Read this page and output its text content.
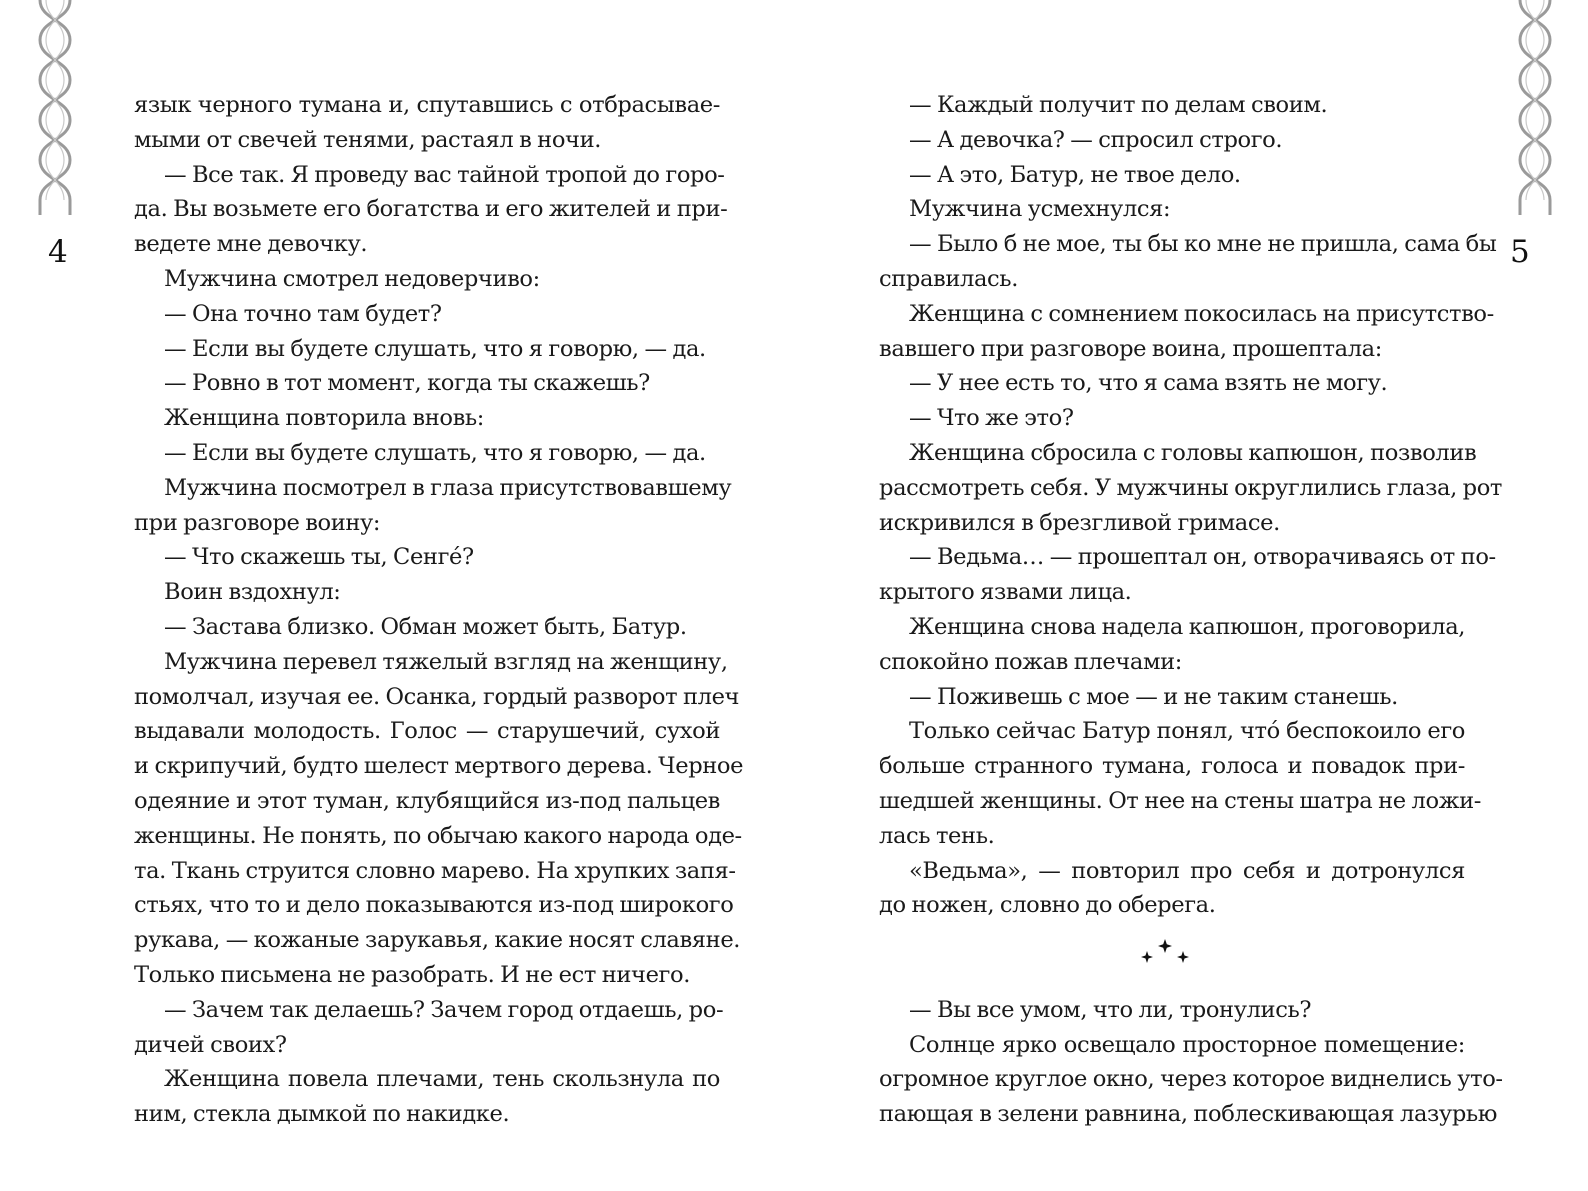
4
язык черного тумана и, спутавшись с отбрасывае-
мыми от свечей тенями, растаял в ночи.
— Все так. Я проведу вас тайной тропой до горо-
да. Вы возьмете его богатства и его жителей и при-
ведете мне девочку.
Мужчина смотрел недоверчиво:
— Она точно там будет?
— Если вы будете слушать, что я говорю, — да.
— Ровно в тот момент, когда ты скажешь?
Женщина повторила вновь:
— Если вы будете слушать, что я говорю, — да.
Мужчина посмотрел в глаза присутствовавшему
при разговоре воину:
— Что скажешь ты, Сенгé?
Воин вздохнул:
— Застава близко. Обман может быть, Батур.
Мужчина перевел тяжелый взгляд на женщину,
помолчал, изучая ее. Осанка, гордый разворот плеч
выдавали молодость. Голос — старушечий, сухой
и скрипучий, будто шелест мертвого дерева. Черное
одеяние и этот туман, клубящийся из-под пальцев
женщины. Не понять, по обычаю какого народа оде-
та. Ткань струится словно марево. На хрупких запя-
стьях, что то и дело показываются из-под широкого
рукава, — кожаные зарукавья, какие носят славяне.
Только письмена не разобрать. И не ест ничего.
— Зачем так делаешь? Зачем город отдаешь, ро-
дичей своих?
Женщина повела плечами, тень скользнула по
ним, стекла дымкой по накидке.
5
— Каждый получит по делам своим.
— А девочка? — спросил строго.
— А это, Батур, не твое дело.
Мужчина усмехнулся:
— Было б не мое, ты бы ко мне не пришла, сама бы
справилась.
Женщина с сомнением покосилась на присутство-
вавшего при разговоре воина, прошептала:
— У нее есть то, что я сама взять не могу.
— Что же это?
Женщина сбросила с головы капюшон, позволив
рассмотреть себя. У мужчины округлились глаза, рот
искривился в брезгливой гримасе.
— Ведьма… — прошептал он, отворачиваясь от по-
крытого язвами лица.
Женщина снова надела капюшон, проговорила,
спокойно пожав плечами:
— Поживешь с мое — и не таким станешь.
Только сейчас Батур понял, чтó беспокоило его
больше странного тумана, голоса и повадок при-
шедшей женщины. От нее на стены шатра не ложи-
лась тень.
«Ведьма», — повторил про себя и дотронулся
до ножен, словно до оберега.
— Вы все умом, что ли, тронулись?
Солнце ярко освещало просторное помещение:
огромное круглое окно, через которое виднелись уто-
пающая в зелени равнина, поблескивающая лазурью
